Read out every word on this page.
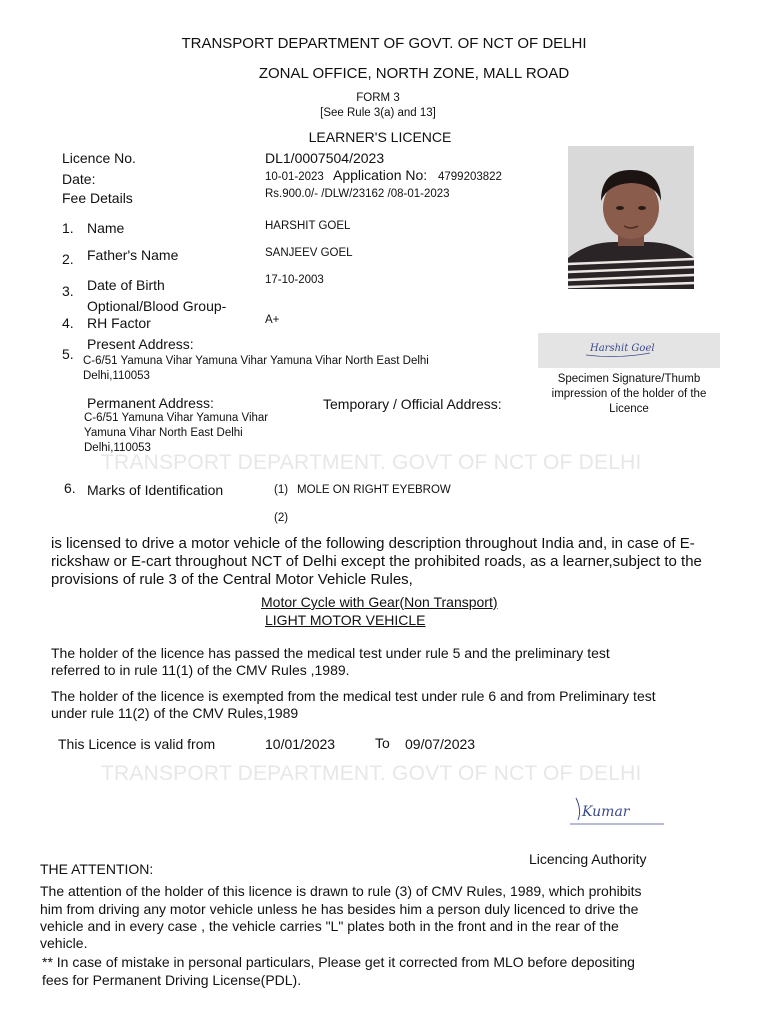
TRANSPORT DEPARTMENT OF GOVT. OF NCT OF DELHI
ZONAL OFFICE, NORTH ZONE, MALL ROAD
FORM 3
[See Rule 3(a) and 13]
LEARNER'S LICENCE
Licence No.	DL1/0007504/2023
Date:	10-01-2023 Application No: 4799203822
Fee Details	Rs.900.0/- /DLW/23162 /08-01-2023
1. Name	HARSHIT GOEL
2. Father's Name	SANJEEV GOEL
3. Date of Birth	17-10-2003
4.
Optional/Blood Group-
RH Factor	A+
5.
Present Address:
C-6/51 Yamuna Vihar Yamuna Vihar Yamuna Vihar North East Delhi
Delhi,110053
Permanent Address:
C-6/51 Yamuna Vihar Yamuna Vihar
Yamuna Vihar North East Delhi
Delhi,110053
Temporary / Official Address:
Harshit Goel
Specimen Signature/Thumb
impression of the holder of the
Licence
TRANSPORT DEPARTMENT. GOVT OF NCT OF DELHI
6. Marks of Identification	(1) MOLE ON RIGHT EYEBROW
(2)
is licensed to drive a motor vehicle of the following description throughout India and, in case of E-
rickshaw or E-cart throughout NCT of Delhi except the prohibited roads, as a learner,subject to the
provisions of rule 3 of the Central Motor Vehicle Rules,
Motor Cycle with Gear(Non Transport)
LIGHT MOTOR VEHICLE
The holder of the licence has passed the medical test under rule 5 and the preliminary test
referred to in rule 11(1) of the CMV Rules ,1989.
The holder of the licence is exempted from the medical test under rule 6 and from Preliminary test
under rule 11(2) of the CMV Rules,1989
This Licence is valid from	10/01/2023	To 09/07/2023
TRANSPORT DEPARTMENT. GOVT OF NCT OF DELHI
Kumar
Licencing Authority
THE ATTENTION:
The attention of the holder of this licence is drawn to rule (3) of CMV Rules, 1989, which prohibits
him from driving any motor vehicle unless he has besides him a person duly licenced to drive the
vehicle and in every case , the vehicle carries "L" plates both in the front and in the rear of the
vehicle.
** In case of mistake in personal particulars, Please get it corrected from MLO before depositing
fees for Permanent Driving License(PDL).
